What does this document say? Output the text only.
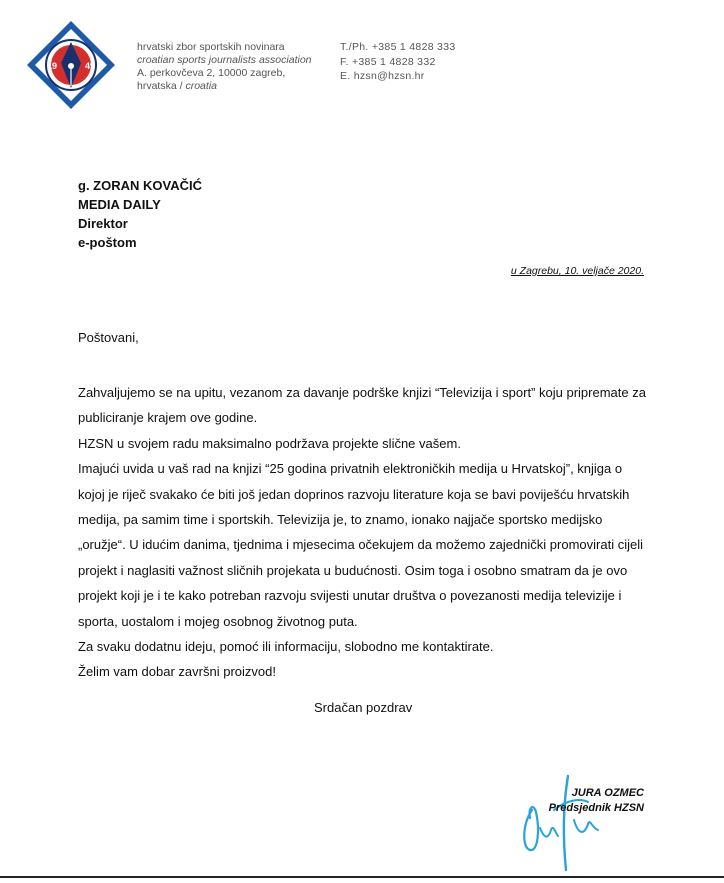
19	49
hrvatski zbor sportskih novinara
croatian sports journalists association
A. perkovčeva 2, 10000 zagreb,
hrvatska / croatia
T./Ph. +385 1 4828 333
F. +385 1 4828 332
E. hzsn@hzsn.hr
g. ZORAN KOVAČIĆ
MEDIA DAILY
Direktor
e-poštom
u Zagrebu, 10. veljače 2020.
Poštovani,

Zahvaljujemo se na upitu, vezanom za davanje podrške knjizi “Televizija i sport” koju pripremate za publiciranje krajem ove godine.

HZSN u svojem radu maksimalno podržava projekte slične vašem.

Imajući uvida u vaš rad na knjizi “25 godina privatnih elektroničkih medija u Hrvatskoj”, knjiga o kojoj je riječ svakako će biti još jedan doprinos razvoju literature koja se bavi poviješću hrvatskih medija, pa samim time i sportskih. Televizija je, to znamo, ionako najjače sportsko medijsko „oružje“. U idućim danima, tjednima i mjesecima očekujem da možemo zajednički promovirati cijeli projekt i naglasiti važnost sličnih projekata u budućnosti. Osim toga i osobno smatram da je ovo projekt koji je i te kako potreban razvoju svijesti unutar društva o povezanosti medija televizije i sporta, uostalom i mojeg osobnog životnog puta.

Za svaku dodatnu ideju, pomoć ili informaciju, slobodno me kontaktirate.

Želim vam dobar završni proizvod!

Srdačan pozdrav
JURA OZMEC
Predsjednik HZSN
